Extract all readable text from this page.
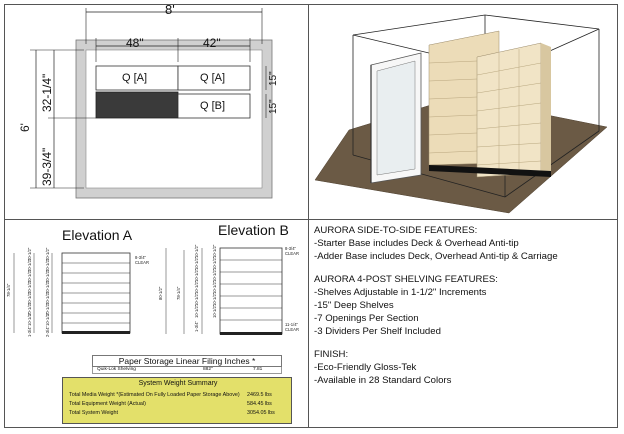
8'
48"	42"
Q [A]	Q [A]
Q [B]
6'
32-1/4"
39-3/4"
15"
15"
Elevation A
8-3/4"
CLEAR
78-1/4"
10-1/2"
10-1/2"
10-1/2"
10-1/2"
10-1/2"
10-1/2"
10-1/2"
1-3/4"
10-1/2"
10-1/2"
10-1/2"
10-1/2"
10-1/2"
10-1/2"
10-1/2"
2-3/4"
Elevation B
8-3/4"
CLEAR
11-1/4"
CLEAR
80-1/2"	78-1/4"
10-1/2"
10-1/2"
10-1/2"
10-1/2"
10-1/2"
10-1/2"
1-3/4"
10-1/2"
10-1/2"
10-1/2"
10-1/2"
10-1/2"
10-1/2"
Paper Storage Linear Filing Inches *
Quik-Lok Shelving	882"	7.81
System Weight Summary
Total Media Weight *(Estimated On Fully Loaded Paper Storage Above) 2469.5 lbs
Total Equipment Weight (Actual)	584.45 lbs
Total System Weight	3054.05 lbs
AURORA SIDE-TO-SIDE FEATURES:
-Starter Base includes Deck & Overhead Anti-tip
-Adder Base includes Deck, Overhead Anti-tip & Carriage
AURORA 4-POST SHELVING FEATURES:
-Shelves Adjustable in 1-1/2" Increments
-15" Deep Shelves
-7 Openings Per Section
-3 Dividers Per Shelf Included
FINISH:
-Eco-Friendly Gloss-Tek
-Available in 28 Standard Colors
